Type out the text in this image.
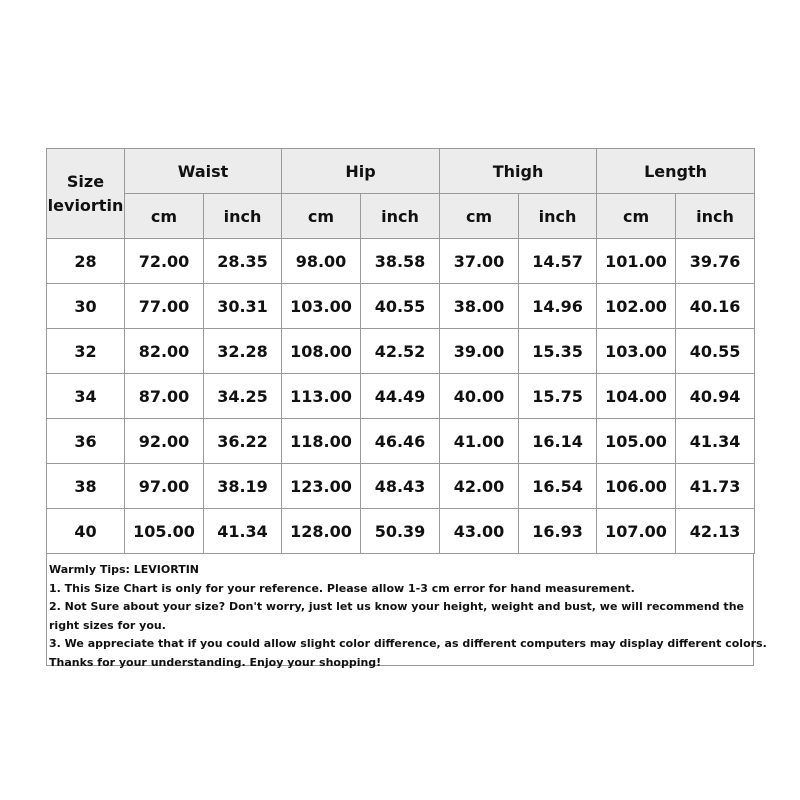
Size
leviortin	Waist		Hip		Thigh		Length	
	cm	inch	cm	inch	cm	inch	cm	inch
28	72.00	28.35	98.00	38.58	37.00	14.57	101.00	39.76
30	77.00	30.31	103.00	40.55	38.00	14.96	102.00	40.16
32	82.00	32.28	108.00	42.52	39.00	15.35	103.00	40.55
34	87.00	34.25	113.00	44.49	40.00	15.75	104.00	40.94
36	92.00	36.22	118.00	46.46	41.00	16.14	105.00	41.34
38	97.00	38.19	123.00	48.43	42.00	16.54	106.00	41.73
40	105.00	41.34	128.00	50.39	43.00	16.93	107.00	42.13
Warmly Tips: LEVIORTIN
1. This Size Chart is only for your reference. Please allow 1-3 cm error for hand measurement.
2. Not Sure about your size? Don't worry, just let us know your height, weight and bust, we will recommend the right sizes for you.
3. We appreciate that if you could allow slight color difference, as different computers may display different colors.
Thanks for your understanding. Enjoy your shopping!
